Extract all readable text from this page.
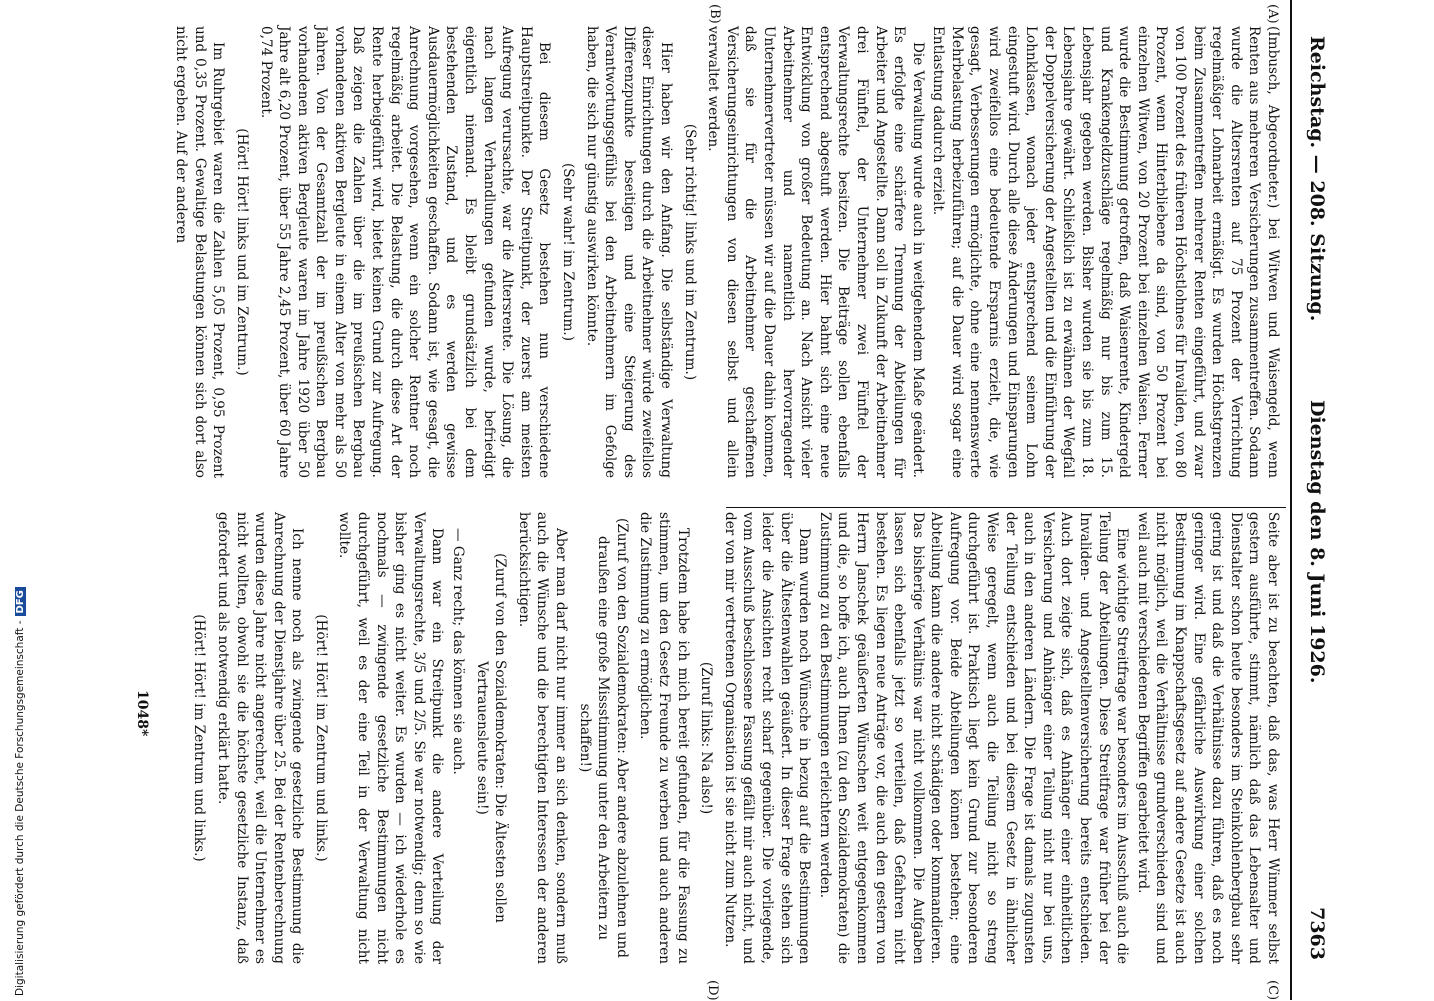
Reichstag. — 208. Sitzung.
Dienstag den 8. Juni 1926.
7363
(A)
(B)
(C)
(D)

(Imbusch, Abgeordneter.) bei Witwen und Waisengeld, wenn Renten aus mehreren Versicherungen zusammentreffen. Sodann wurde die Altersrenten auf 75 Prozent der Verrichtung regelmäßiger Lohnarbeit ermäßigt. Es wurden Höchstgrenzen beim Zusammentreffen mehrerer Renten eingeführt, und zwar von 100 Prozent des früheren Höchstlohnes für Invaliden, von 80 Prozent, wenn Hinterbliebene da sind, von 50 Prozent bei einzelnen Witwen, von 20 Prozent bei einzelnen Waisen. Ferner wurde die Bestimmung getroffen, daß Waisenrente, Kindergeld und Krankengeldzuschläge regelmäßig nur bis zum 15. Lebensjahr gegeben werden. Bisher wurden sie bis zum 18. Lebensjahre gewährt. Schließlich ist zu erwähnen der Wegfall der Doppelversicherung der Angestellten und die Einführung der Lohnklassen, wonach jeder entsprechend seinem Lohn eingestuft wird. Durch alle diese Änderungen und Einsparungen wird zweifellos eine bedeutende Ersparnis erzielt, die, wie gesagt, Verbesserungen ermöglichte, ohne eine nennenswerte Mehrbelastung herbeizuführen; auf die Dauer wird sogar eine Entlastung dadurch erzielt.

Die Verwaltung wurde auch in weitgehendem Maße geändert. Es erfolgte eine schärfere Trennung der Abteilungen für Arbeiter und Angestellte. Dann soll in Zukunft der Arbeitnehmer drei Fünftel, der Unternehmer zwei Fünftel der Verwaltungsrechte besitzen. Die Beiträge sollen ebenfalls entsprechend abgestuft werden. Hier bahnt sich eine neue Entwicklung von großer Bedeutung an. Nach Ansicht vieler Arbeitnehmer und namentlich hervorragender Unternehmervertreter müssen wir auf die Dauer dahin kommen, daß sie für die Arbeitnehmer geschaffenen Versicherungseinrichtungen von diesen selbst und allein verwaltet werden.

(Sehr richtig! links und im Zentrum.)

Hier haben wir den Anfang. Die selbständige Verwaltung dieser Einrichtungen durch die Arbeitnehmer würde zweifellos Differenzpunkte beseitigen und eine Steigerung des Verantwortungsgefühls bei den Arbeitnehmern im Gefolge haben, die sich nur günstig auswirken könnte.

(Sehr wahr! im Zentrum.)

Bei diesem Gesetz bestehen nun verschiedene Hauptstreitpunkte. Der Streitpunkt, der zuerst am meisten Aufregung verursachte, war die Altersrente. Die Lösung, die nach langen Verhandlungen gefunden wurde, befriedigt eigentlich niemand. Es bleibt grundsätzlich bei dem bestehenden Zustand, und es werden gewisse Ausdauermöglichkeiten geschaffen. Sodann ist, wie gesagt, die Anrechnung vorgesehen, wenn ein solcher Rentner noch regelmäßig arbeitet. Die Belastung, die durch diese Art der Rente herbeigeführt wird, bietet keinen Grund zur Aufregung. Daß zeigen die Zahlen über die im preußischen Bergbau vorhandenen aktiven Bergleute in einem Alter von mehr als 50 Jahren. Von der Gesamtzahl der im preußischen Bergbau vorhandenen aktiven Bergleute waren im Jahre 1920 über 50 Jahre alt 6,20 Prozent, über 55 Jahre 2,45 Prozent, über 60 Jahre 0,74 Prozent.

(Hört! Hört! links und im Zentrum.)

Im Ruhrgebiet waren die Zahlen 5,05 Prozent, 0,95 Prozent und 0,35 Prozent. Gewaltige Belastungen können sich dort also nicht ergeben. Auf der anderen

Seite aber ist zu beachten, daß das, was Herr Wimmer selbst gestern ausführte, stimmt, nämlich daß das Lebensalter und Dienstalter schon heute besonders im Steinkohlenbergbau sehr gering ist und daß die Verhältnisse dazu führen, daß es noch geringer wird. Eine gefährliche Auswirkung einer solchen Bestimmung im Knappschaftsgesetz auf andere Gesetze ist auch nicht möglich, weil die Verhältnisse grundverschieden sind und weil auch mit verschiedenen Begriffen gearbeitet wird.

Eine wichtige Streitfrage war besonders im Ausschuß auch die Teilung der Abteilungen. Diese Streitfrage war früher bei der Invaliden- und Angestelltenversicherung bereits entschieden. Auch dort zeigte sich, daß es Anhänger einer einheitlichen Versicherung und Anhänger einer Teilung nicht nur bei uns, auch in den anderen Ländern. Die Frage ist damals zugunsten der Teilung entschieden und bei diesem Gesetz in ähnlicher Weise geregelt, wenn auch die Teilung nicht so streng durchgeführt ist. Praktisch liegt kein Grund zur besonderen Aufregung vor. Beide Abteilungen können bestehen; eine Abteilung kann die andere nicht schädigen oder kommandieren. Das bisherige Verhältnis war nicht vollkommen. Die Aufgaben lassen sich ebenfalls jetzt so verteilen, daß Gefahren nicht bestehen. Es liegen neue Anträge vor, die auch den gestern von Herrn Janschek geäußerten Wünschen weit entgegenkommen und die, so hoffe ich, auch Ihnen (zu den Sozialdemokraten) die Zustimmung zu den Bestimmungen erleichtern werden.

Dann wurden noch Wünsche in bezug auf die Bestimmungen über die Ältestenwahlen geäußert. In dieser Frage stehen sich leider die Ansichten recht scharf gegenüber. Die vorliegende, vom Ausschuß beschlossene Fassung gefällt mir auch nicht, und der von mir vertretenen Organisation ist sie nicht zum Nutzen.

(Zuruf links: Na also!)

Trotzdem habe ich mich bereit gefunden, für die Fassung zu stimmen, um den Gesetz Freunde zu werben und auch anderen die Zustimmung zu ermöglichen.

(Zuruf von den Sozialdemokraten: Aber andere abzulehnen und draußen eine große Missstimmung unter den Arbeitern zu schaffen!)

Aber man darf nicht nur immer an sich denken, sondern muß auch die Wünsche und die berechtigten Interessen der anderen berücksichtigen.

(Zuruf von den Sozialdemokraten: Die Ältesten sollen Vertrauensleute sein!)

— Ganz recht; das können sie auch.

Dann war ein Streitpunkt die andere Verteilung der Verwaltungsrechte, 3/5 und 2/5. Sie war notwendig; denn so wie bisher ging es nicht weiter. Es wurden — ich wiederhole es nochmals — zwingende gesetzliche Bestimmungen nicht durchgeführt, weil es der eine Teil in der Verwaltung nicht wollte.

(Hört! Hört! im Zentrum und links.)

Ich nenne noch als zwingende gesetzliche Bestimmung die Anrechnung der Dienstjahre über 25. Bei der Rentenberechnung wurden diese Jahre nicht angerechnet, weil die Unternehmer es nicht wollten, obwohl sie die höchste gesetzliche Instanz, daß gefordert und als notwendig erklärt hatte.

(Hört! Hört! im Zentrum und links.)

1048*
Digitalisierung gefördert durch die Deutsche Forschungsgemeinschaft -DFG
